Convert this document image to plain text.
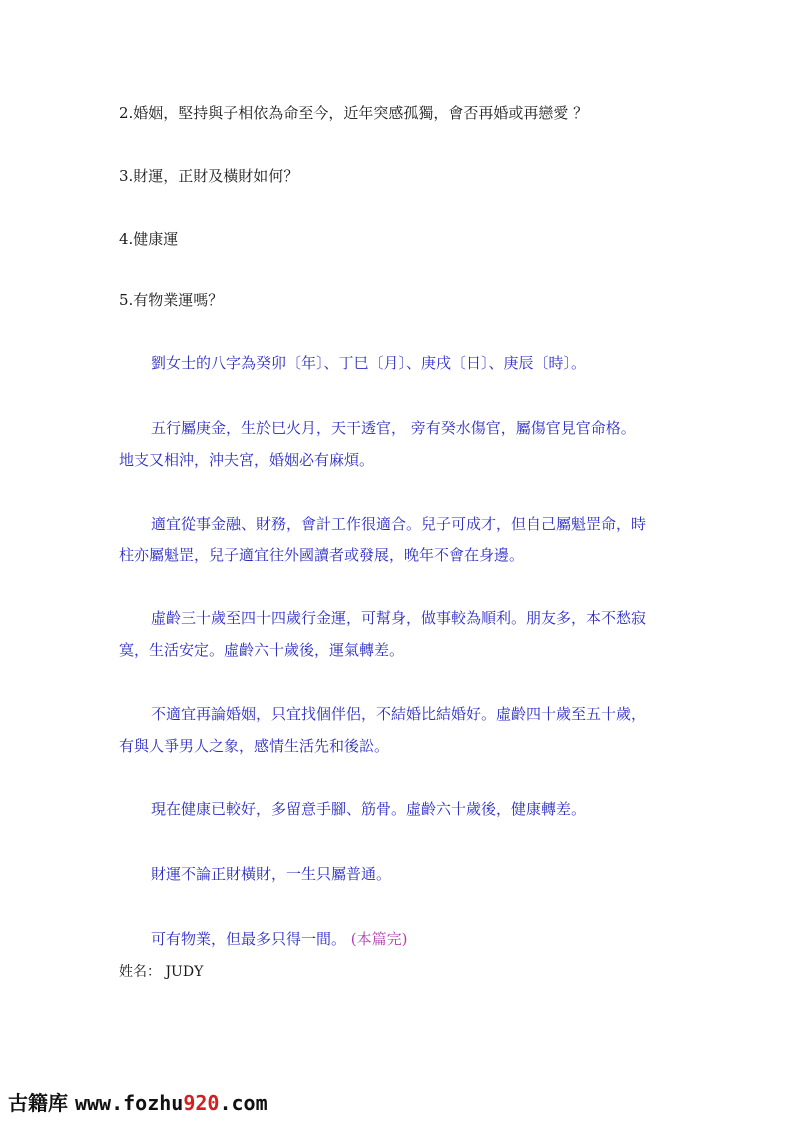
2.婚姻，堅持與子相依為命至今，近年突感孤獨，會否再婚或再戀愛 ？
3.財運，正財及橫財如何？
4.健康運
5.有物業運嗎？
劉女士的八字為癸卯〔年〕、丁巳〔月〕、庚戌〔日〕、庚辰〔時〕。
五行屬庚金，生於巳火月，天干透官， 旁有癸水傷官，屬傷官見官命格。
地支又相沖，沖夫宮，婚姻必有麻煩。
適宜從事金融、財務，會計工作很適合。兒子可成才，但自己屬魁罡命，時
柱亦屬魁罡，兒子適宜往外國讀者或發展，晚年不會在身邊。
虛齡三十歲至四十四歲行金運，可幫身，做事較為順利。朋友多，本不愁寂
寞，生活安定。虛齡六十歲後，運氣轉差。
不適宜再論婚姻，只宜找個伴侶，不結婚比結婚好。虛齡四十歲至五十歲，
有與人爭男人之象，感情生活先和後訟。
現在健康已較好，多留意手腳、筋骨。虛齡六十歲後，健康轉差。
財運不論正財橫財，一生只屬普通。
可有物業，但最多只得一間。 (本篇完)
姓名： JUDY
古籍库 www.fozhu920.com
